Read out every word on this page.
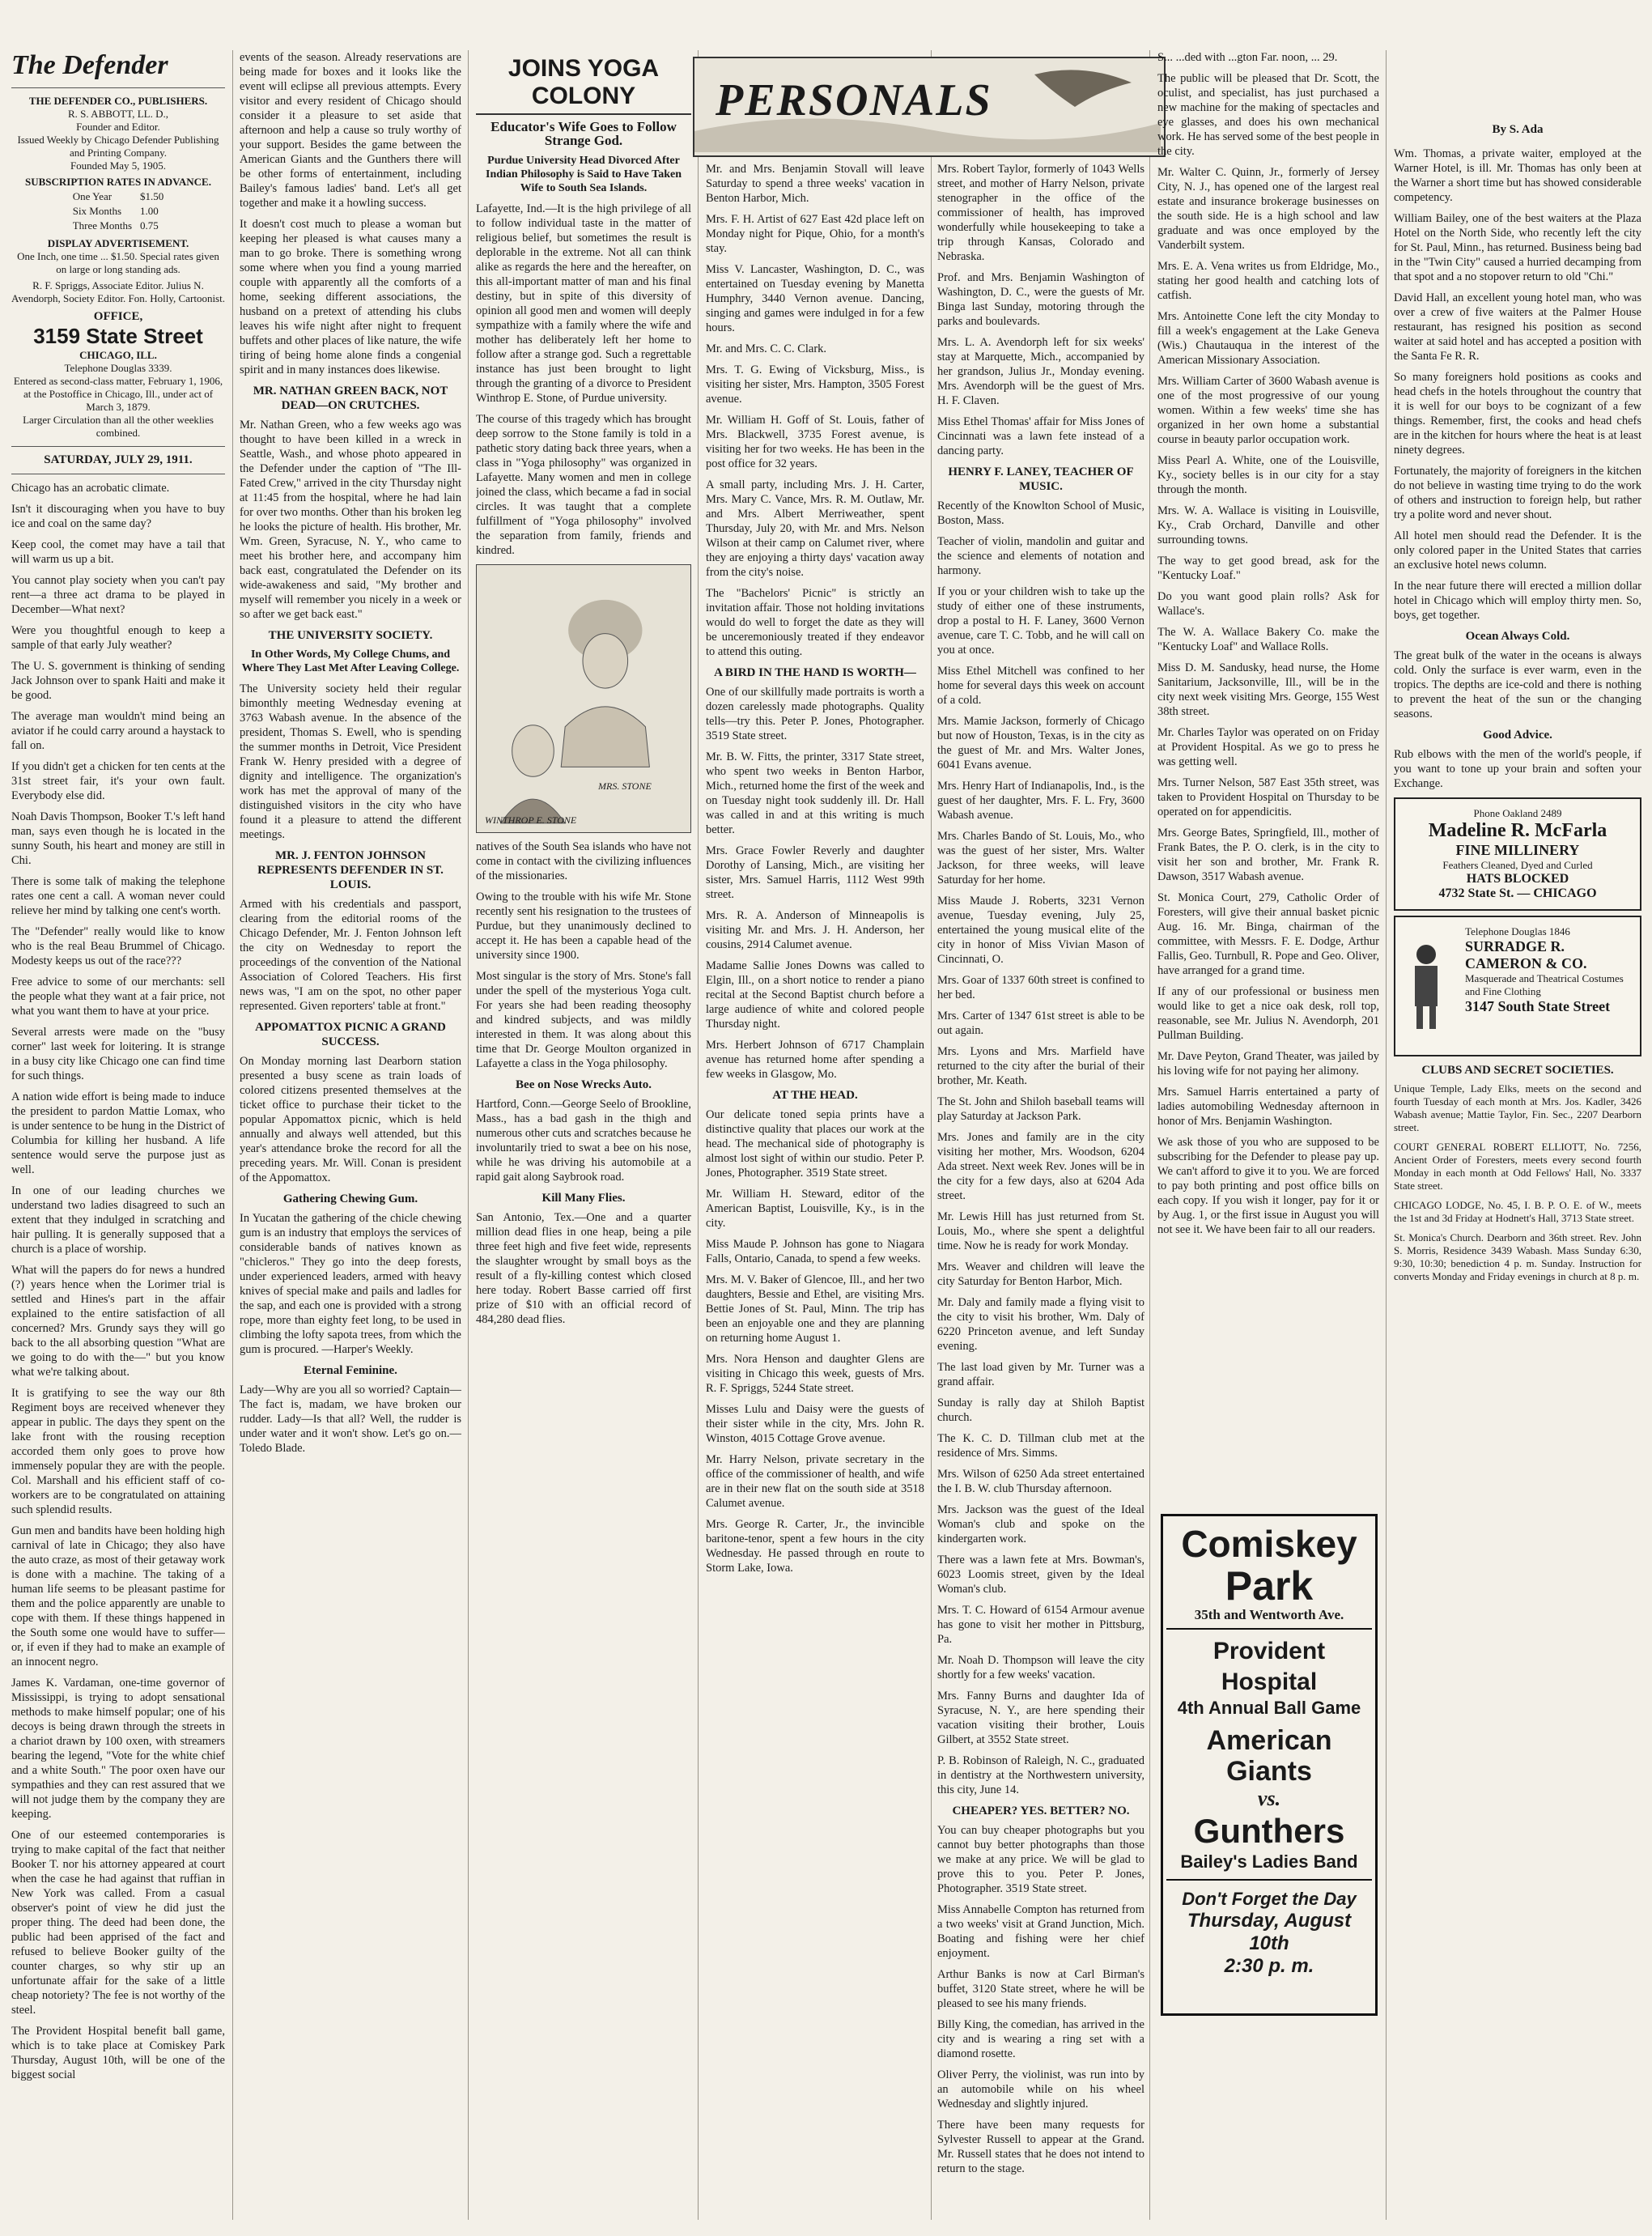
The Defender
THE DEFENDER CO., PUBLISHERS.
R. S. ABBOTT, LL. D.,
Founder and Editor.
Issued Weekly by Chicago Defender Publishing and Printing Company.
Founded May 5, 1905.
SUBSCRIPTION RATES IN ADVANCE.
One Year	$1.50
Six Months	1.00
Three Months	0.75
DISPLAY ADVERTISEMENT.
One Inch, one time ... $1.50. Special rates given on large or long standing ads.
R. F. Spriggs, Associate Editor. Julius N. Avendorph, Society Editor. Fon. Holly, Cartoonist.
OFFICE,
3159 State Street
CHICAGO, ILL.
Telephone Douglas 3339.
Entered as second-class matter, February 1, 1906, at the Postoffice in Chicago, Ill., under act of March 3, 1879.
Larger Circulation than all the other weeklies combined.
SATURDAY, JULY 29, 1911.

Chicago has an acrobatic climate.

Isn't it discouraging when you have to buy ice and coal on the same day?

Keep cool, the comet may have a tail that will warm us up a bit.

You cannot play society when you can't pay rent—a three act drama to be played in December—What next?

Were you thoughtful enough to keep a sample of that early July weather?

The U. S. government is thinking of sending Jack Johnson over to spank Haiti and make it be good.

The average man wouldn't mind being an aviator if he could carry around a haystack to fall on.

If you didn't get a chicken for ten cents at the 31st street fair, it's your own fault. Everybody else did.

Noah Davis Thompson, Booker T.'s left hand man, says even though he is located in the sunny South, his heart and money are still in Chi.

There is some talk of making the telephone rates one cent a call. A woman never could relieve her mind by talking one cent's worth.

The "Defender" really would like to know who is the real Beau Brummel of Chicago. Modesty keeps us out of the race???

Free advice to some of our merchants: sell the people what they want at a fair price, not what you want them to have at your price.

Several arrests were made on the "busy corner" last week for loitering. It is strange in a busy city like Chicago one can find time for such things.

A nation wide effort is being made to induce the president to pardon Mattie Lomax, who is under sentence to be hung in the District of Columbia for killing her husband. A life sentence would serve the purpose just as well.

In one of our leading churches we understand two ladies disagreed to such an extent that they indulged in scratching and hair pulling. It is generally supposed that a church is a place of worship.

What will the papers do for news a hundred (?) years hence when the Lorimer trial is settled and Hines's part in the affair explained to the entire satisfaction of all concerned? Mrs. Grundy says they will go back to the all absorbing question "What are we going to do with the—" but you know what we're talking about.

It is gratifying to see the way our 8th Regiment boys are received whenever they appear in public. The days they spent on the lake front with the rousing reception accorded them only goes to prove how immensely popular they are with the people. Col. Marshall and his efficient staff of co-workers are to be congratulated on attaining such splendid results.

Gun men and bandits have been holding high carnival of late in Chicago; they also have the auto craze, as most of their getaway work is done with a machine. The taking of a human life seems to be pleasant pastime for them and the police apparently are unable to cope with them. If these things happened in the South some one would have to suffer—or, if even if they had to make an example of an innocent negro.

James K. Vardaman, one-time governor of Mississippi, is trying to adopt sensational methods to make himself popular; one of his decoys is being drawn through the streets in a chariot drawn by 100 oxen, with streamers bearing the legend, "Vote for the white chief and a white South." The poor oxen have our sympathies and they can rest assured that we will not judge them by the company they are keeping.

One of our esteemed contemporaries is trying to make capital of the fact that neither Booker T. nor his attorney appeared at court when the case he had against that ruffian in New York was called. From a casual observer's point of view he did just the proper thing. The deed had been done, the public had been apprised of the fact and refused to believe Booker guilty of the counter charges, so why stir up an unfortunate affair for the sake of a little cheap notoriety? The fee is not worthy of the steel.

The Provident Hospital benefit ball game, which is to take place at Comiskey Park Thursday, August 10th, will be one of the biggest social

events of the season. Already reservations are being made for boxes and it looks like the event will eclipse all previous attempts. Every visitor and every resident of Chicago should consider it a pleasure to set aside that afternoon and help a cause so truly worthy of your support. Besides the game between the American Giants and the Gunthers there will be other forms of entertainment, including Bailey's famous ladies' band. Let's all get together and make it a howling success.

It doesn't cost much to please a woman but keeping her pleased is what causes many a man to go broke. There is something wrong some where when you find a young married couple with apparently all the comforts of a home, seeking different associations, the husband on a pretext of attending his clubs leaves his wife night after night to frequent buffets and other places of like nature, the wife tiring of being home alone finds a congenial spirit and in many instances does likewise.

MR. NATHAN GREEN BACK, NOT DEAD—ON CRUTCHES.

Mr. Nathan Green, who a few weeks ago was thought to have been killed in a wreck in Seattle, Wash., and whose photo appeared in the Defender under the caption of "The Ill-Fated Crew," arrived in the city Thursday night at 11:45 from the hospital, where he had lain for over two months. Other than his broken leg he looks the picture of health. His brother, Mr. Wm. Green, Syracuse, N. Y., who came to meet his brother here, and accompany him back east, congratulated the Defender on its wide-awakeness and said, "My brother and myself will remember you nicely in a week or so after we get back east."

THE UNIVERSITY SOCIETY.
In Other Words, My College Chums, and Where They Last Met After Leaving College.

The University society held their regular bimonthly meeting Wednesday evening at 3763 Wabash avenue. In the absence of the president, Thomas S. Ewell, who is spending the summer months in Detroit, Vice President Frank W. Henry presided with a degree of dignity and intelligence. The organization's work has met the approval of many of the distinguished visitors in the city who have found it a pleasure to attend the different meetings.

MR. J. FENTON JOHNSON REPRESENTS DEFENDER IN ST. LOUIS.

Armed with his credentials and passport, clearing from the editorial rooms of the Chicago Defender, Mr. J. Fenton Johnson left the city on Wednesday to report the proceedings of the convention of the National Association of Colored Teachers. His first news was, "I am on the spot, no other paper represented. Given reporters' table at front."

APPOMATTOX PICNIC A GRAND SUCCESS.

On Monday morning last Dearborn station presented a busy scene as train loads of colored citizens presented themselves at the ticket office to purchase their ticket to the popular Appomattox picnic, which is held annually and always well attended, but this year's attendance broke the record for all the preceding years. Mr. Will. Conan is president of the Appomattox.

Gathering Chewing Gum.

In Yucatan the gathering of the chicle chewing gum is an industry that employs the services of considerable bands of natives known as "chicleros." They go into the deep forests, under experienced leaders, armed with heavy knives of special make and pails and ladles for the sap, and each one is provided with a strong rope, more than eighty feet long, to be used in climbing the lofty sapota trees, from which the gum is procured. —Harper's Weekly.

Eternal Feminine.

Lady—Why are you all so worried? Captain—The fact is, madam, we have broken our rudder. Lady—Is that all? Well, the rudder is under water and it won't show. Let's go on.—Toledo Blade.

JOINS YOGA COLONY
Educator's Wife Goes to Follow Strange God.
Purdue University Head Divorced After Indian Philosophy is Said to Have Taken Wife to South Sea Islands.

Lafayette, Ind.—It is the high privilege of all to follow individual taste in the matter of religious belief, but sometimes the result is deplorable in the extreme. Not all can think alike as regards the here and the hereafter, on this all-important matter of man and his final destiny, but in spite of this diversity of opinion all good men and women will deeply sympathize with a family where the wife and mother has deliberately left her home to follow after a strange god. Such a regrettable instance has just been brought to light through the granting of a divorce to President Winthrop E. Stone, of Purdue university.

The course of this tragedy which has brought deep sorrow to the Stone family is told in a pathetic story dating back three years, when a class in "Yoga philosophy" was organized in Lafayette. Many women and men in college joined the class, which became a fad in social circles. It was taught that a complete fulfillment of "Yoga philosophy" involved the separation from family, friends and kindred.

MRS. STONE
WINTHROP E. STONE

natives of the South Sea islands who have not come in contact with the civilizing influences of the missionaries.

Owing to the trouble with his wife Mr. Stone recently sent his resignation to the trustees of Purdue, but they unanimously declined to accept it. He has been a capable head of the university since 1900.

Most singular is the story of Mrs. Stone's fall under the spell of the mysterious Yoga cult. For years she had been reading theosophy and kindred subjects, and was mildly interested in them. It was along about this time that Dr. George Moulton organized in Lafayette a class in the Yoga philosophy.

Bee on Nose Wrecks Auto.

Hartford, Conn.—George Seelo of Brookline, Mass., has a bad gash in the thigh and numerous other cuts and scratches because he involuntarily tried to swat a bee on his nose, while he was driving his automobile at a rapid gait along Saybrook road.

Kill Many Flies.

San Antonio, Tex.—One and a quarter million dead flies in one heap, being a pile three feet high and five feet wide, represents the slaughter wrought by small boys as the result of a fly-killing contest which closed here today. Robert Basse carried off first prize of $10 with an official record of 484,280 dead flies.

PERSONALS

Mr. and Mrs. Benjamin Stovall will leave Saturday to spend a three weeks' vacation in Benton Harbor, Mich.

Mrs. F. H. Artist of 627 East 42d place left on Monday night for Pique, Ohio, for a month's stay.

Miss V. Lancaster, Washington, D. C., was entertained on Tuesday evening by Manetta Humphry, 3440 Vernon avenue. Dancing, singing and games were indulged in for a few hours.

Mr. and Mrs. C. C. Clark.

Mrs. T. G. Ewing of Vicksburg, Miss., is visiting her sister, Mrs. Hampton, 3505 Forest avenue.

Mr. William H. Goff of St. Louis, father of Mrs. Blackwell, 3735 Forest avenue, is visiting her for two weeks. He has been in the post office for 32 years.

A small party, including Mrs. J. H. Carter, Mrs. Mary C. Vance, Mrs. R. M. Outlaw, Mr. and Mrs. Albert Merriweather, spent Thursday, July 20, with Mr. and Mrs. Nelson Wilson at their camp on Calumet river, where they are enjoying a thirty days' vacation away from the city's noise.

The "Bachelors' Picnic" is strictly an invitation affair. Those not holding invitations would do well to forget the date as they will be unceremoniously treated if they endeavor to attend this outing.

A BIRD IN THE HAND IS WORTH—

One of our skillfully made portraits is worth a dozen carelessly made photographs. Quality tells—try this. Peter P. Jones, Photographer. 3519 State street.

Mr. B. W. Fitts, the printer, 3317 State street, who spent two weeks in Benton Harbor, Mich., returned home the first of the week and on Tuesday night took suddenly ill. Dr. Hall was called in and at this writing is much better.

Mrs. Grace Fowler Reverly and daughter Dorothy of Lansing, Mich., are visiting her sister, Mrs. Samuel Harris, 1112 West 99th street.

Mrs. R. A. Anderson of Minneapolis is visiting Mr. and Mrs. J. H. Anderson, her cousins, 2914 Calumet avenue.

Madame Sallie Jones Downs was called to Elgin, Ill., on a short notice to render a piano recital at the Second Baptist church before a large audience of white and colored people Thursday night.

Mrs. Herbert Johnson of 6717 Champlain avenue has returned home after spending a few weeks in Glasgow, Mo.

AT THE HEAD.

Our delicate toned sepia prints have a distinctive quality that places our work at the head. The mechanical side of photography is almost lost sight of within our studio. Peter P. Jones, Photographer. 3519 State street.

Mr. William H. Steward, editor of the American Baptist, Louisville, Ky., is in the city.

Miss Maude P. Johnson has gone to Niagara Falls, Ontario, Canada, to spend a few weeks.

Mrs. M. V. Baker of Glencoe, Ill., and her two daughters, Bessie and Ethel, are visiting Mrs. Bettie Jones of St. Paul, Minn. The trip has been an enjoyable one and they are planning on returning home August 1.

Mrs. Nora Henson and daughter Glens are visiting in Chicago this week, guests of Mrs. R. F. Spriggs, 5244 State street.

Misses Lulu and Daisy were the guests of their sister while in the city, Mrs. John R. Winston, 4015 Cottage Grove avenue.

Mr. Harry Nelson, private secretary in the office of the commissioner of health, and wife are in their new flat on the south side at 3518 Calumet avenue.

Mrs. George R. Carter, Jr., the invincible baritone-tenor, spent a few hours in the city Wednesday. He passed through en route to Storm Lake, Iowa.

Mrs. Robert Taylor, formerly of 1043 Wells street, and mother of Harry Nelson, private stenographer in the office of the commissioner of health, has improved wonderfully while housekeeping to take a trip through Kansas, Colorado and Nebraska.

Prof. and Mrs. Benjamin Washington of Washington, D. C., were the guests of Mr. Binga last Sunday, motoring through the parks and boulevards.

Mrs. L. A. Avendorph left for six weeks' stay at Marquette, Mich., accompanied by her grandson, Julius Jr., Monday evening. Mrs. Avendorph will be the guest of Mrs. H. F. Claven.

Miss Ethel Thomas' affair for Miss Jones of Cincinnati was a lawn fete instead of a dancing party.

HENRY F. LANEY, TEACHER OF MUSIC.

Recently of the Knowlton School of Music, Boston, Mass.

Teacher of violin, mandolin and guitar and the science and elements of notation and harmony.

If you or your children wish to take up the study of either one of these instruments, drop a postal to H. F. Laney, 3600 Vernon avenue, care T. C. Tobb, and he will call on you at once.

Miss Ethel Mitchell was confined to her home for several days this week on account of a cold.

Mrs. Mamie Jackson, formerly of Chicago but now of Houston, Texas, is in the city as the guest of Mr. and Mrs. Walter Jones, 6041 Evans avenue.

Mrs. Henry Hart of Indianapolis, Ind., is the guest of her daughter, Mrs. F. L. Fry, 3600 Wabash avenue.

Mrs. Charles Bando of St. Louis, Mo., who was the guest of her sister, Mrs. Walter Jackson, for three weeks, will leave Saturday for her home.

Miss Maude J. Roberts, 3231 Vernon avenue, Tuesday evening, July 25, entertained the young musical elite of the city in honor of Miss Vivian Mason of Cincinnati, O.

Mrs. Goar of 1337 60th street is confined to her bed.

Mrs. Carter of 1347 61st street is able to be out again.

Mrs. Lyons and Mrs. Marfield have returned to the city after the burial of their brother, Mr. Keath.

The St. John and Shiloh baseball teams will play Saturday at Jackson Park.

Mrs. Jones and family are in the city visiting her mother, Mrs. Woodson, 6204 Ada street. Next week Rev. Jones will be in the city for a few days, also at 6204 Ada street.

Mr. Lewis Hill has just returned from St. Louis, Mo., where she spent a delightful time. Now he is ready for work Monday.

Mrs. Weaver and children will leave the city Saturday for Benton Harbor, Mich.

Mr. Daly and family made a flying visit to the city to visit his brother, Wm. Daly of 6220 Princeton avenue, and left Sunday evening.

The last load given by Mr. Turner was a grand affair.

Sunday is rally day at Shiloh Baptist church.

The K. C. D. Tillman club met at the residence of Mrs. Simms.

Mrs. Wilson of 6250 Ada street entertained the I. B. W. club Thursday afternoon.

Mrs. Jackson was the guest of the Ideal Woman's club and spoke on the kindergarten work.

There was a lawn fete at Mrs. Bowman's, 6023 Loomis street, given by the Ideal Woman's club.

Mrs. T. C. Howard of 6154 Armour avenue has gone to visit her mother in Pittsburg, Pa.

Mr. Noah D. Thompson will leave the city shortly for a few weeks' vacation.

Mrs. Fanny Burns and daughter Ida of Syracuse, N. Y., are here spending their vacation visiting their brother, Louis Gilbert, at 3552 State street.

P. B. Robinson of Raleigh, N. C., graduated in dentistry at the Northwestern university, this city, June 14.

CHEAPER? YES. BETTER? NO.

You can buy cheaper photographs but you cannot buy better photographs than those we make at any price. We will be glad to prove this to you. Peter P. Jones, Photographer. 3519 State street.

Miss Annabelle Compton has returned from a two weeks' visit at Grand Junction, Mich. Boating and fishing were her chief enjoyment.

Arthur Banks is now at Carl Birman's buffet, 3120 State street, where he will be pleased to see his many friends.

Billy King, the comedian, has arrived in the city and is wearing a ring set with a diamond rosette.

Oliver Perry, the violinist, was run into by an automobile while on his wheel Wednesday and slightly injured.

There have been many requests for Sylvester Russell to appear at the Grand. Mr. Russell states that he does not intend to return to the stage.

S... ...ded with ...gton Far. noon, ... 29.

The public will be pleased that Dr. Scott, the oculist, and specialist, has just purchased a new machine for the making of spectacles and eye glasses, and does his own mechanical work. He has served some of the best people in the city.

Mr. Walter C. Quinn, Jr., formerly of Jersey City, N. J., has opened one of the largest real estate and insurance brokerage businesses on the south side. He is a high school and law graduate and was once employed by the Vanderbilt system.

Mrs. E. A. Vena writes us from Eldridge, Mo., stating her good health and catching lots of catfish.

Mrs. Antoinette Cone left the city Monday to fill a week's engagement at the Lake Geneva (Wis.) Chautauqua in the interest of the American Missionary Association.

Mrs. William Carter of 3600 Wabash avenue is one of the most progressive of our young women. Within a few weeks' time she has organized in her own home a substantial course in beauty parlor occupation work.

Miss Pearl A. White, one of the Louisville, Ky., society belles is in our city for a stay through the month.

Mrs. W. A. Wallace is visiting in Louisville, Ky., Crab Orchard, Danville and other surrounding towns.

The way to get good bread, ask for the "Kentucky Loaf."

Do you want good plain rolls? Ask for Wallace's.

The W. A. Wallace Bakery Co. make the "Kentucky Loaf" and Wallace Rolls.

Miss D. M. Sandusky, head nurse, the Home Sanitarium, Jacksonville, Ill., will be in the city next week visiting Mrs. George, 155 West 38th street.

Mr. Charles Taylor was operated on on Friday at Provident Hospital. As we go to press he was getting well.

Mrs. Turner Nelson, 587 East 35th street, was taken to Provident Hospital on Thursday to be operated on for appendicitis.

Mrs. George Bates, Springfield, Ill., mother of Frank Bates, the P. O. clerk, is in the city to visit her son and brother, Mr. Frank R. Dawson, 3517 Wabash avenue.

St. Monica Court, 279, Catholic Order of Foresters, will give their annual basket picnic Aug. 16. Mr. Binga, chairman of the committee, with Messrs. F. E. Dodge, Arthur Fallis, Geo. Turnbull, R. Pope and Geo. Oliver, have arranged for a grand time.

If any of our professional or business men would like to get a nice oak desk, roll top, reasonable, see Mr. Julius N. Avendorph, 201 Pullman Building.

Mr. Dave Peyton, Grand Theater, was jailed by his loving wife for not paying her alimony.

Mrs. Samuel Harris entertained a party of ladies automobiling Wednesday afternoon in honor of Mrs. Benjamin Washington.

We ask those of you who are supposed to be subscribing for the Defender to please pay up. We can't afford to give it to you. We are forced to pay both printing and post office bills on each copy. If you wish it longer, pay for it or by Aug. 1, or the first issue in August you will not see it. We have been fair to all our readers.

By S. Ada

Wm. Thomas, a private waiter, employed at the Warner Hotel, is ill. Mr. Thomas has only been at the Warner a short time but has showed considerable competency.

William Bailey, one of the best waiters at the Plaza Hotel on the North Side, who recently left the city for St. Paul, Minn., has returned. Business being bad in the "Twin City" caused a hurried decamping from that spot and a no stopover return to old "Chi."

David Hall, an excellent young hotel man, who was over a crew of five waiters at the Palmer House restaurant, has resigned his position as second waiter at said hotel and has accepted a position with the Santa Fe R. R.

So many foreigners hold positions as cooks and head chefs in the hotels throughout the country that it is well for our boys to be cognizant of a few things. Remember, first, the cooks and head chefs are in the kitchen for hours where the heat is at least ninety degrees.

Fortunately, the majority of foreigners in the kitchen do not believe in wasting time trying to do the work of others and instruction to foreign help, but rather try a polite word and never shout.

All hotel men should read the Defender. It is the only colored paper in the United States that carries an exclusive hotel news column.

In the near future there will erected a million dollar hotel in Chicago which will employ thirty men. So, boys, get together.

Ocean Always Cold.

The great bulk of the water in the oceans is always cold. Only the surface is ever warm, even in the tropics. The depths are ice-cold and there is nothing to prevent the heat of the sun or the changing seasons.

Good Advice.

Rub elbows with the men of the world's people, if you want to tone up your brain and soften your Exchange.

Phone Oakland 2489
Madeline R. McFarla
FINE MILLINERY
Feathers Cleaned, Dyed and Curled
HATS BLOCKED
4732 State St. — CHICAGO
Telephone Douglas 1846
SURRADGE R. CAMERON & CO.
Masquerade and Theatrical Costumes and Fine Clothing
3147 South State Street
CLUBS AND SECRET SOCIETIES.

Unique Temple, Lady Elks, meets on the second and fourth Tuesday of each month at Mrs. Jos. Kadler, 3426 Wabash avenue; Mattie Taylor, Fin. Sec., 2207 Dearborn street.

COURT GENERAL ROBERT ELLIOTT, No. 7256, Ancient Order of Foresters, meets every second fourth Monday in each month at Odd Fellows' Hall, No. 3337 State street.

CHICAGO LODGE, No. 45, I. B. P. O. E. of W., meets the 1st and 3d Friday at Hodnett's Hall, 3713 State street.

St. Monica's Church. Dearborn and 36th street. Rev. John S. Morris, Residence 3439 Wabash. Mass Sunday 6:30, 9:30, 10:30; benediction 4 p. m. Sunday. Instruction for converts Monday and Friday evenings in church at 8 p. m.

Comiskey
Park
35th and Wentworth Ave.
Provident Hospital
4th Annual Ball Game
American Giants
vs.
Gunthers
Bailey's Ladies Band
Don't Forget the Day
Thursday, August 10th
2:30 p. m.
